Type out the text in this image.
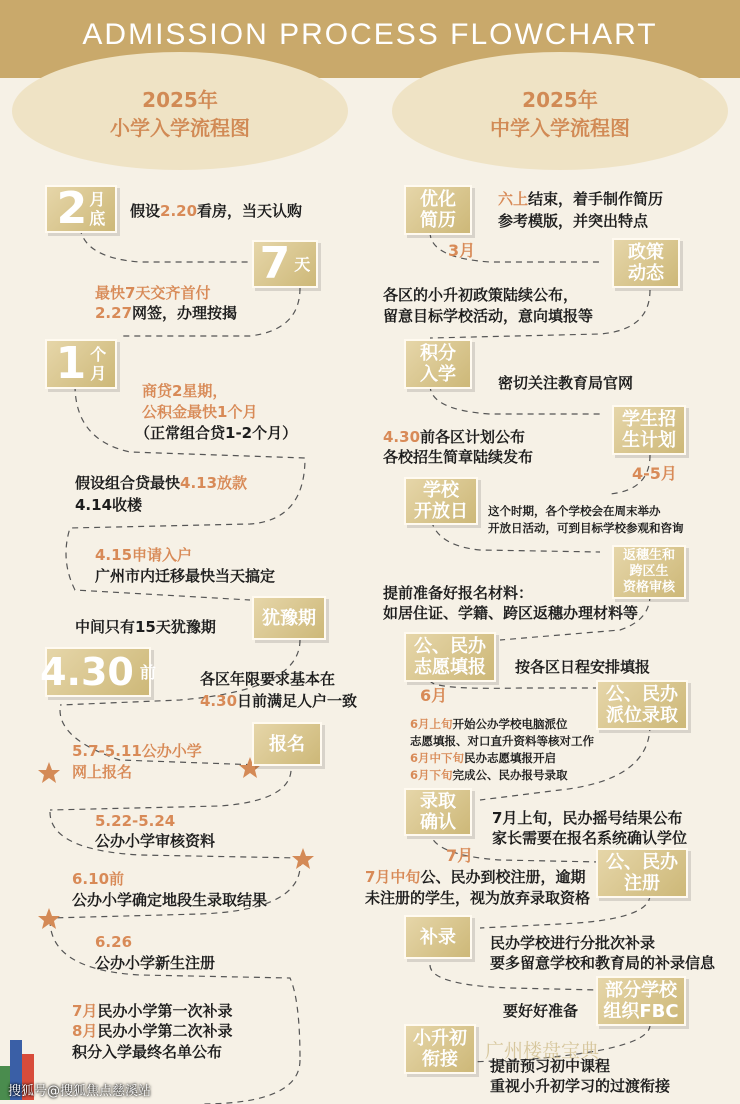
ADMISSION PROCESS FLOWCHART
2025年
小学入学流程图
2025年
中学入学流程图
2 月
底 假设2.20看房，当天认购
7 天
最快7天交齐首付
2.27网签，办理按揭
1 个
月
商贷2星期，
公积金最快1个月
（正常组合贷1-2个月）
假设组合贷最快4.13放款
4.14收楼
4.15申请入户
广州市内迁移最快当天搞定
犹豫期
中间只有15天犹豫期
4.30 前	各区年限要求基本在
4.30日前满足人户一致
5.7-5.11公办小学
网上报名
报名
5.22-5.24
公办小学审核资料
6.10前
公办小学确定地段生录取结果
6.26
公办小学新生注册
7月民办小学第一次补录
8月民办小学第二次补录
积分入学最终名单公布
优化
简历
六上结束，着手制作简历
参考模版，并突出特点
3月	政策
动态
各区的小升初政策陆续公布，
留意目标学校活动，意向填报等
积分
入学	密切关注教育局官网
学生招
生计划
4.30前各区计划公布
各校招生简章陆续发布
4-5月
学校
开放日	这个时期，各个学校会在周末举办
开放日活动，可到目标学校参观和咨询
返穗生和
跨区生
资格审核
提前准备好报名材料：
如居住证、学籍、跨区返穗办理材料等
公、民办
志愿填报	按各区日程安排填报
6月	公、民办
派位录取
6月上旬开始公办学校电脑派位
志愿填报、对口直升资料等核对工作
6月中下旬民办志愿填报开启
6月下旬完成公、民办报号录取
录取
确认	7月上旬，民办摇号结果公布
家长需要在报名系统确认学位
7月	公、民办
注册
7月中旬公、民办到校注册，逾期
未注册的学生，视为放弃录取资格
补录	民办学校进行分批次补录
要多留意学校和教育局的补录信息
部分学校
组织FBC
要好好准备
小升初
衔接	提前预习初中课程
重视小升初学习的过渡衔接
广州楼盘宝典
搜狐号@搜狐焦点慈溪站
